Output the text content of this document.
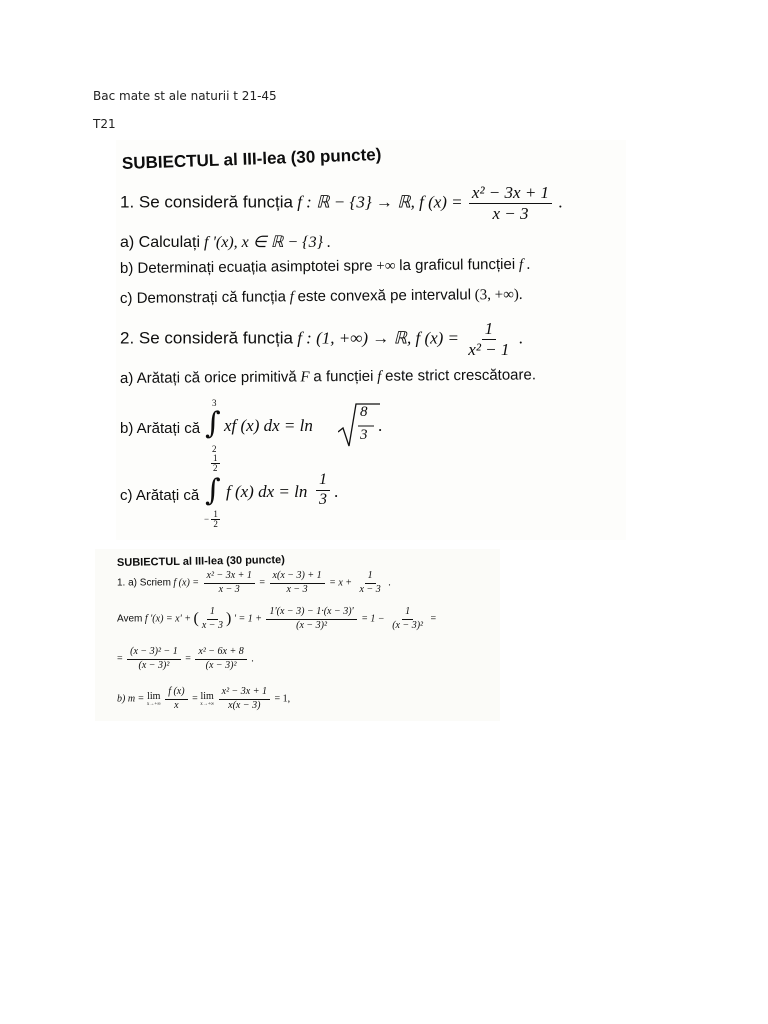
Bac mate st ale naturii t 21-45
T21
SUBIECTUL al III-lea (30 puncte)
1. Se consideră funcția f : ℝ − {3} → ℝ, f $(x) = \frac{\text{x² − 3x + 1}}{x - 3}$ .
a) Calculați f '(x), x ∈ ℝ − {3} .
b) Determinați ecuația asimptotei spre +∞ la graficul funcției f .
c) Demonstrați că funcția f este convexă pe intervalul (3, +∞).
2. Se consideră funcția f : (1, +∞) → ℝ, f $(x) = \frac{1}{\text{x² − 1}}$ .
a) Arătați că orice primitivă F a funcției f este strict crescătoare.
b) Arătați că
3
∫
2
xf (x) dx = ln
8
3 .
c) Arătați că
$\frac{1}{2}$
∫
− $\frac{1}{2}$
f (x) dx = $\ln \frac{1}{3}$ .
SUBIECTUL al III-lea (30 puncte)
1. a) Scriem f $(x) = \frac{\text{x² − 3x + 1}}{x - 3} = \frac{x(x - 3) + 1}{x - 3} = x + \frac{1}{x - 3}$ .
Avem f '(x) = x' + ( $\frac{1}{x - 3}$ ) ' = $1 + \frac{1'(x - 3) - 1\cdot(x - 3)'}{\text{(x − 3)²}} = 1 - \frac{1}{\text{(x − 3)²}}$ =
= $\frac{\text{(x − 3)² − 1}}{\text{(x − 3)²}} = \frac{\text{x² − 6x + 8}}{\text{(x − 3)²}}$ .
b) m = lim
x→+∞
$\frac{f (x)}{x} = \lim$
x→+∞
$\frac{\text{x² − 3x + 1}}{x(x - 3)} = 1$,
